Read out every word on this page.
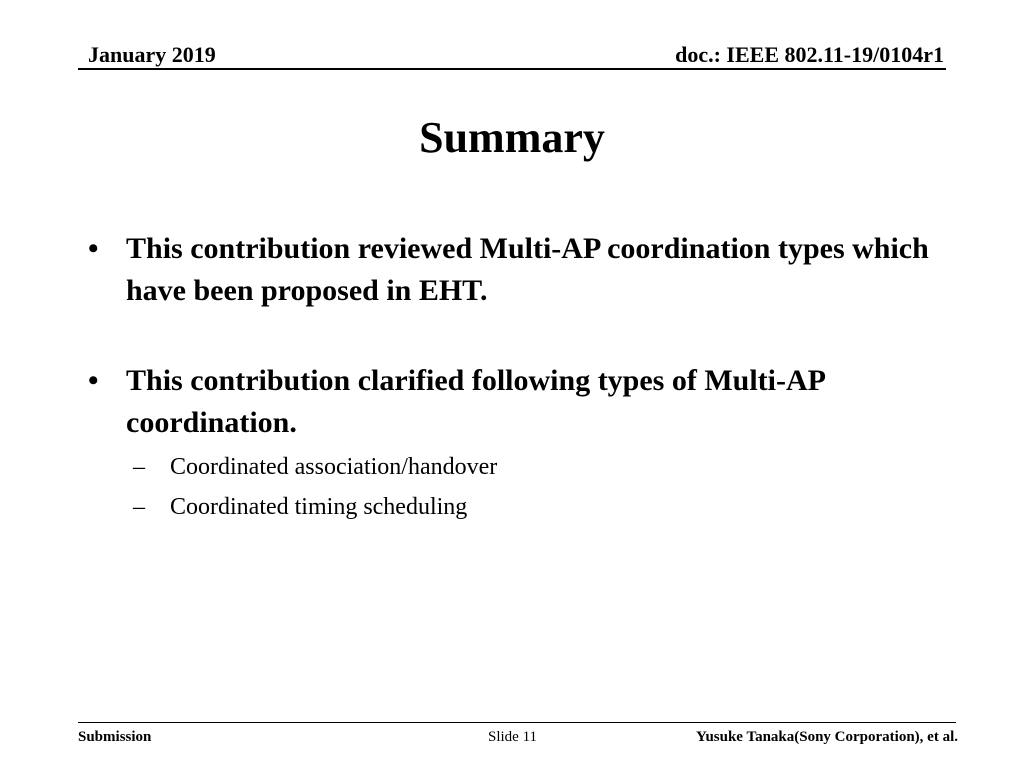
January 2019	doc.: IEEE 802.11-19/0104r1
Summary
• This contribution reviewed Multi-AP coordination types which have been proposed in EHT.
• This contribution clarified following types of Multi-AP coordination.
– Coordinated association/handover
– Coordinated timing scheduling
Submission	Slide 11	Yusuke Tanaka(Sony Corporation), et al.
